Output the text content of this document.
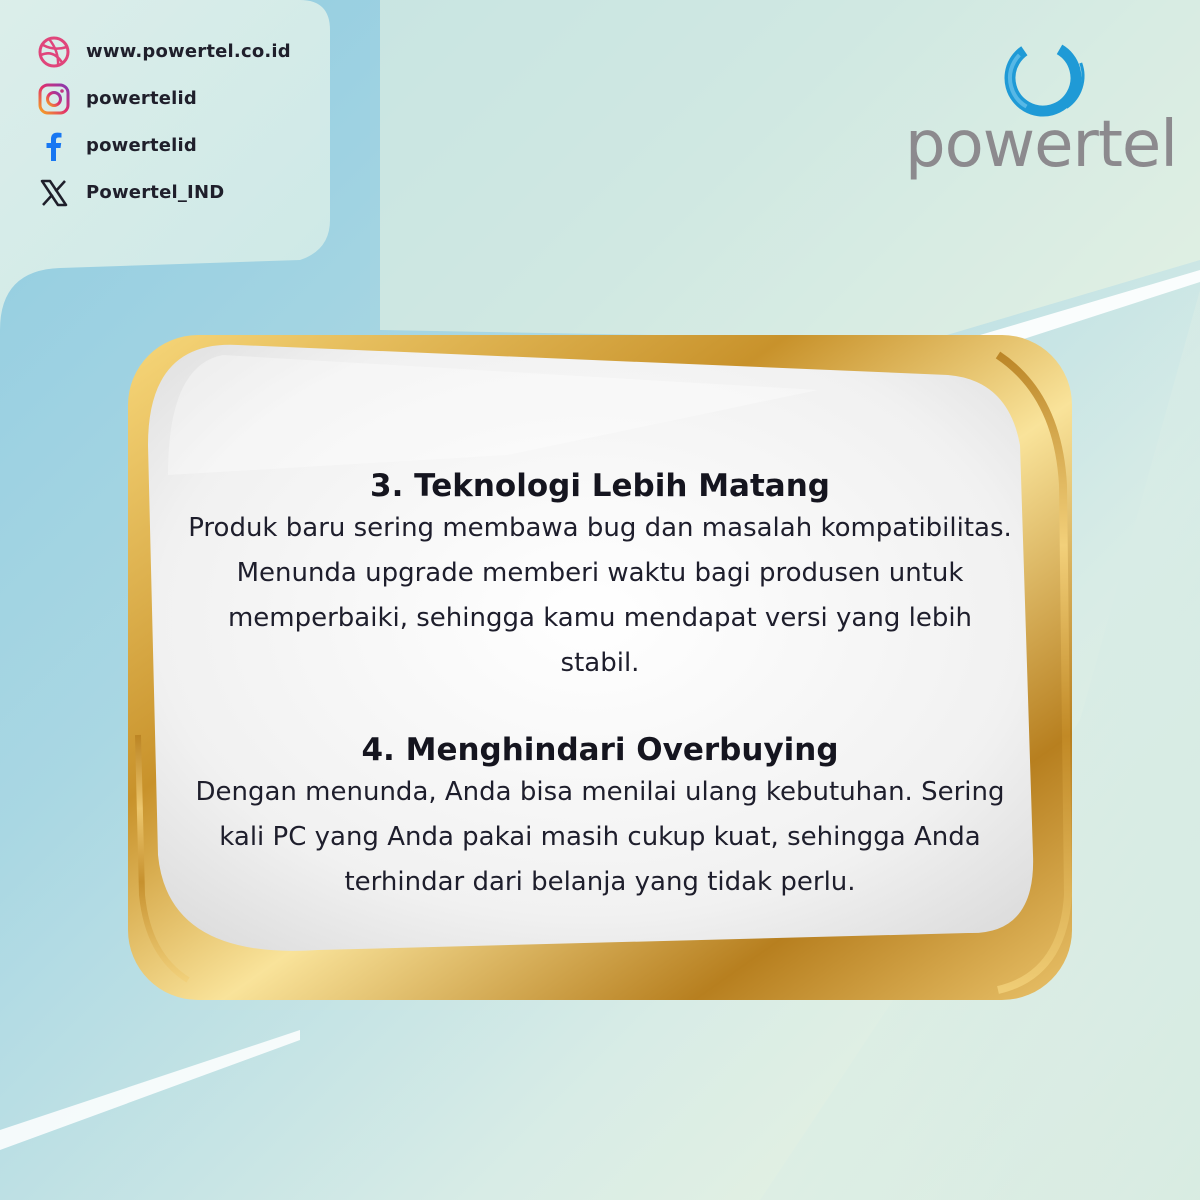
www.powertel.co.id
powertelid
powertelid
Powertel_IND
powertel
3. Teknologi Lebih Matang

Produk baru sering membawa bug dan masalah kompatibilitas. Menunda upgrade memberi waktu bagi produsen untuk memperbaiki, sehingga kamu mendapat versi yang lebih stabil.

4. Menghindari Overbuying

Dengan menunda, Anda bisa menilai ulang kebutuhan. Sering kali PC yang Anda pakai masih cukup kuat, sehingga Anda terhindar dari belanja yang tidak perlu.
